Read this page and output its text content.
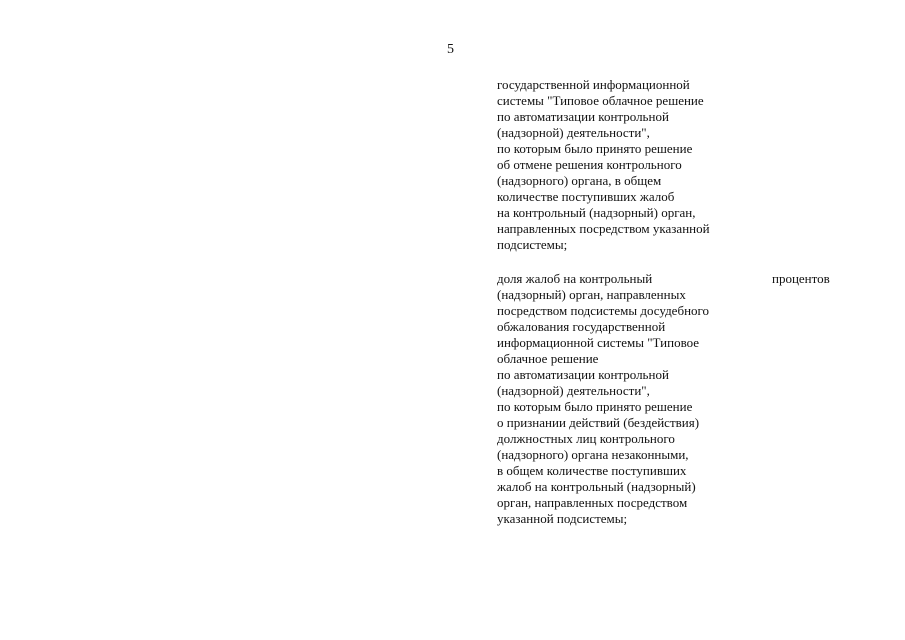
5
государственной информационной
системы "Типовое облачное решение
по автоматизации контрольной
(надзорной) деятельности",
по которым было принято решение
об отмене решения контрольного
(надзорного) органа, в общем
количестве поступивших жалоб
на контрольный (надзорный) орган,
направленных посредством указанной
подсистемы;
доля жалоб на контрольный
(надзорный) орган, направленных
посредством подсистемы досудебного
обжалования государственной
информационной системы "Типовое
облачное решение
по автоматизации контрольной
(надзорной) деятельности",
по которым было принято решение
о признании действий (бездействия)
должностных лиц контрольного
(надзорного) органа незаконными,
в общем количестве поступивших
жалоб на контрольный (надзорный)
орган, направленных посредством
указанной подсистемы;
процентов
